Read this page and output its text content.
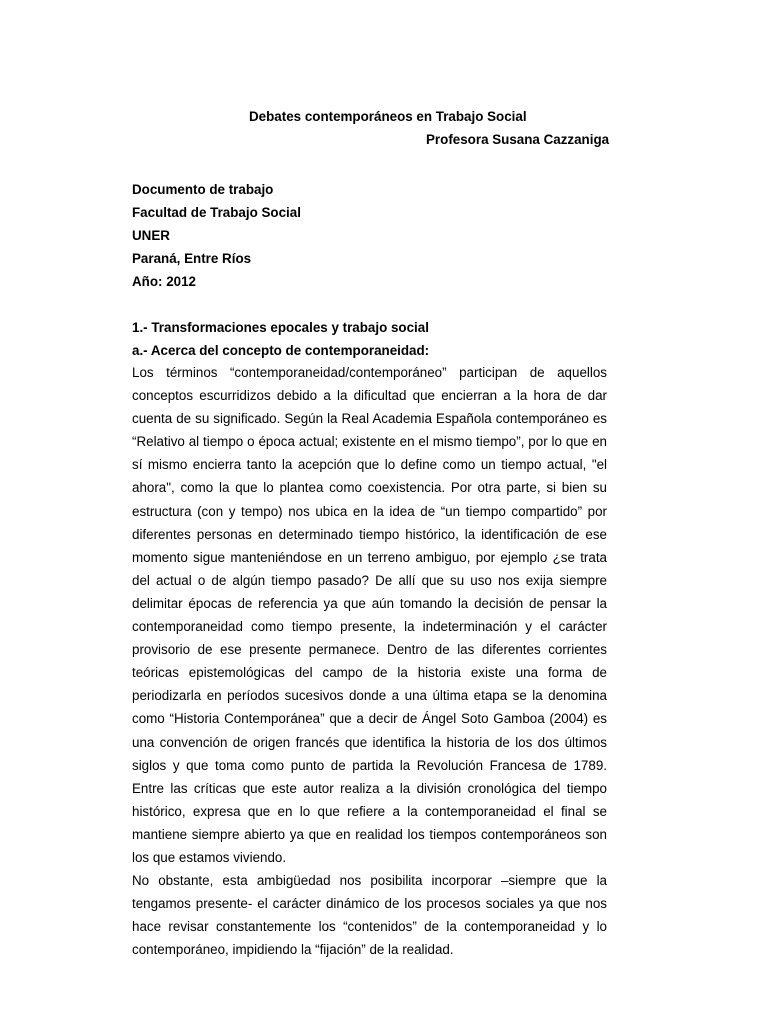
Debates contemporáneos en Trabajo Social
Profesora Susana Cazzaniga
Documento de trabajo
Facultad de Trabajo Social
UNER
Paraná, Entre Ríos
Año: 2012
1.- Transformaciones epocales y trabajo social
a.- Acerca del concepto de contemporaneidad:

Los términos “contemporaneidad/contemporáneo” participan de aquellos conceptos escurridizos debido a la dificultad que encierran a la hora de dar cuenta de su significado. Según la Real Academia Española contemporáneo es “Relativo al tiempo o época actual; existente en el mismo tiempo”, por lo que en sí mismo encierra tanto la acepción que lo define como un tiempo actual, "el ahora", como la que lo plantea como coexistencia. Por otra parte, si bien su estructura (con y tempo) nos ubica en la idea de “un tiempo compartido” por diferentes personas en determinado tiempo histórico, la identificación de ese momento sigue manteniéndose en un terreno ambiguo, por ejemplo ¿se trata del actual o de algún tiempo pasado? De allí que su uso nos exija siempre delimitar épocas de referencia ya que aún tomando la decisión de pensar la contemporaneidad como tiempo presente, la indeterminación y el carácter provisorio de ese presente permanece. Dentro de las diferentes corrientes teóricas epistemológicas del campo de la historia existe una forma de periodizarla en períodos sucesivos donde a una última etapa se la denomina como “Historia Contemporánea” que a decir de Ángel Soto Gamboa (2004) es una convención de origen francés que identifica la historia de los dos últimos siglos y que toma como punto de partida la Revolución Francesa de 1789. Entre las críticas que este autor realiza a la división cronológica del tiempo histórico, expresa que en lo que refiere a la contemporaneidad el final se mantiene siempre abierto ya que en realidad los tiempos contemporáneos son los que estamos viviendo.

No obstante, esta ambigüedad nos posibilita incorporar –siempre que la tengamos presente- el carácter dinámico de los procesos sociales ya que nos hace revisar constantemente los “contenidos” de la contemporaneidad y lo contemporáneo, impidiendo la “fijación” de la realidad.
